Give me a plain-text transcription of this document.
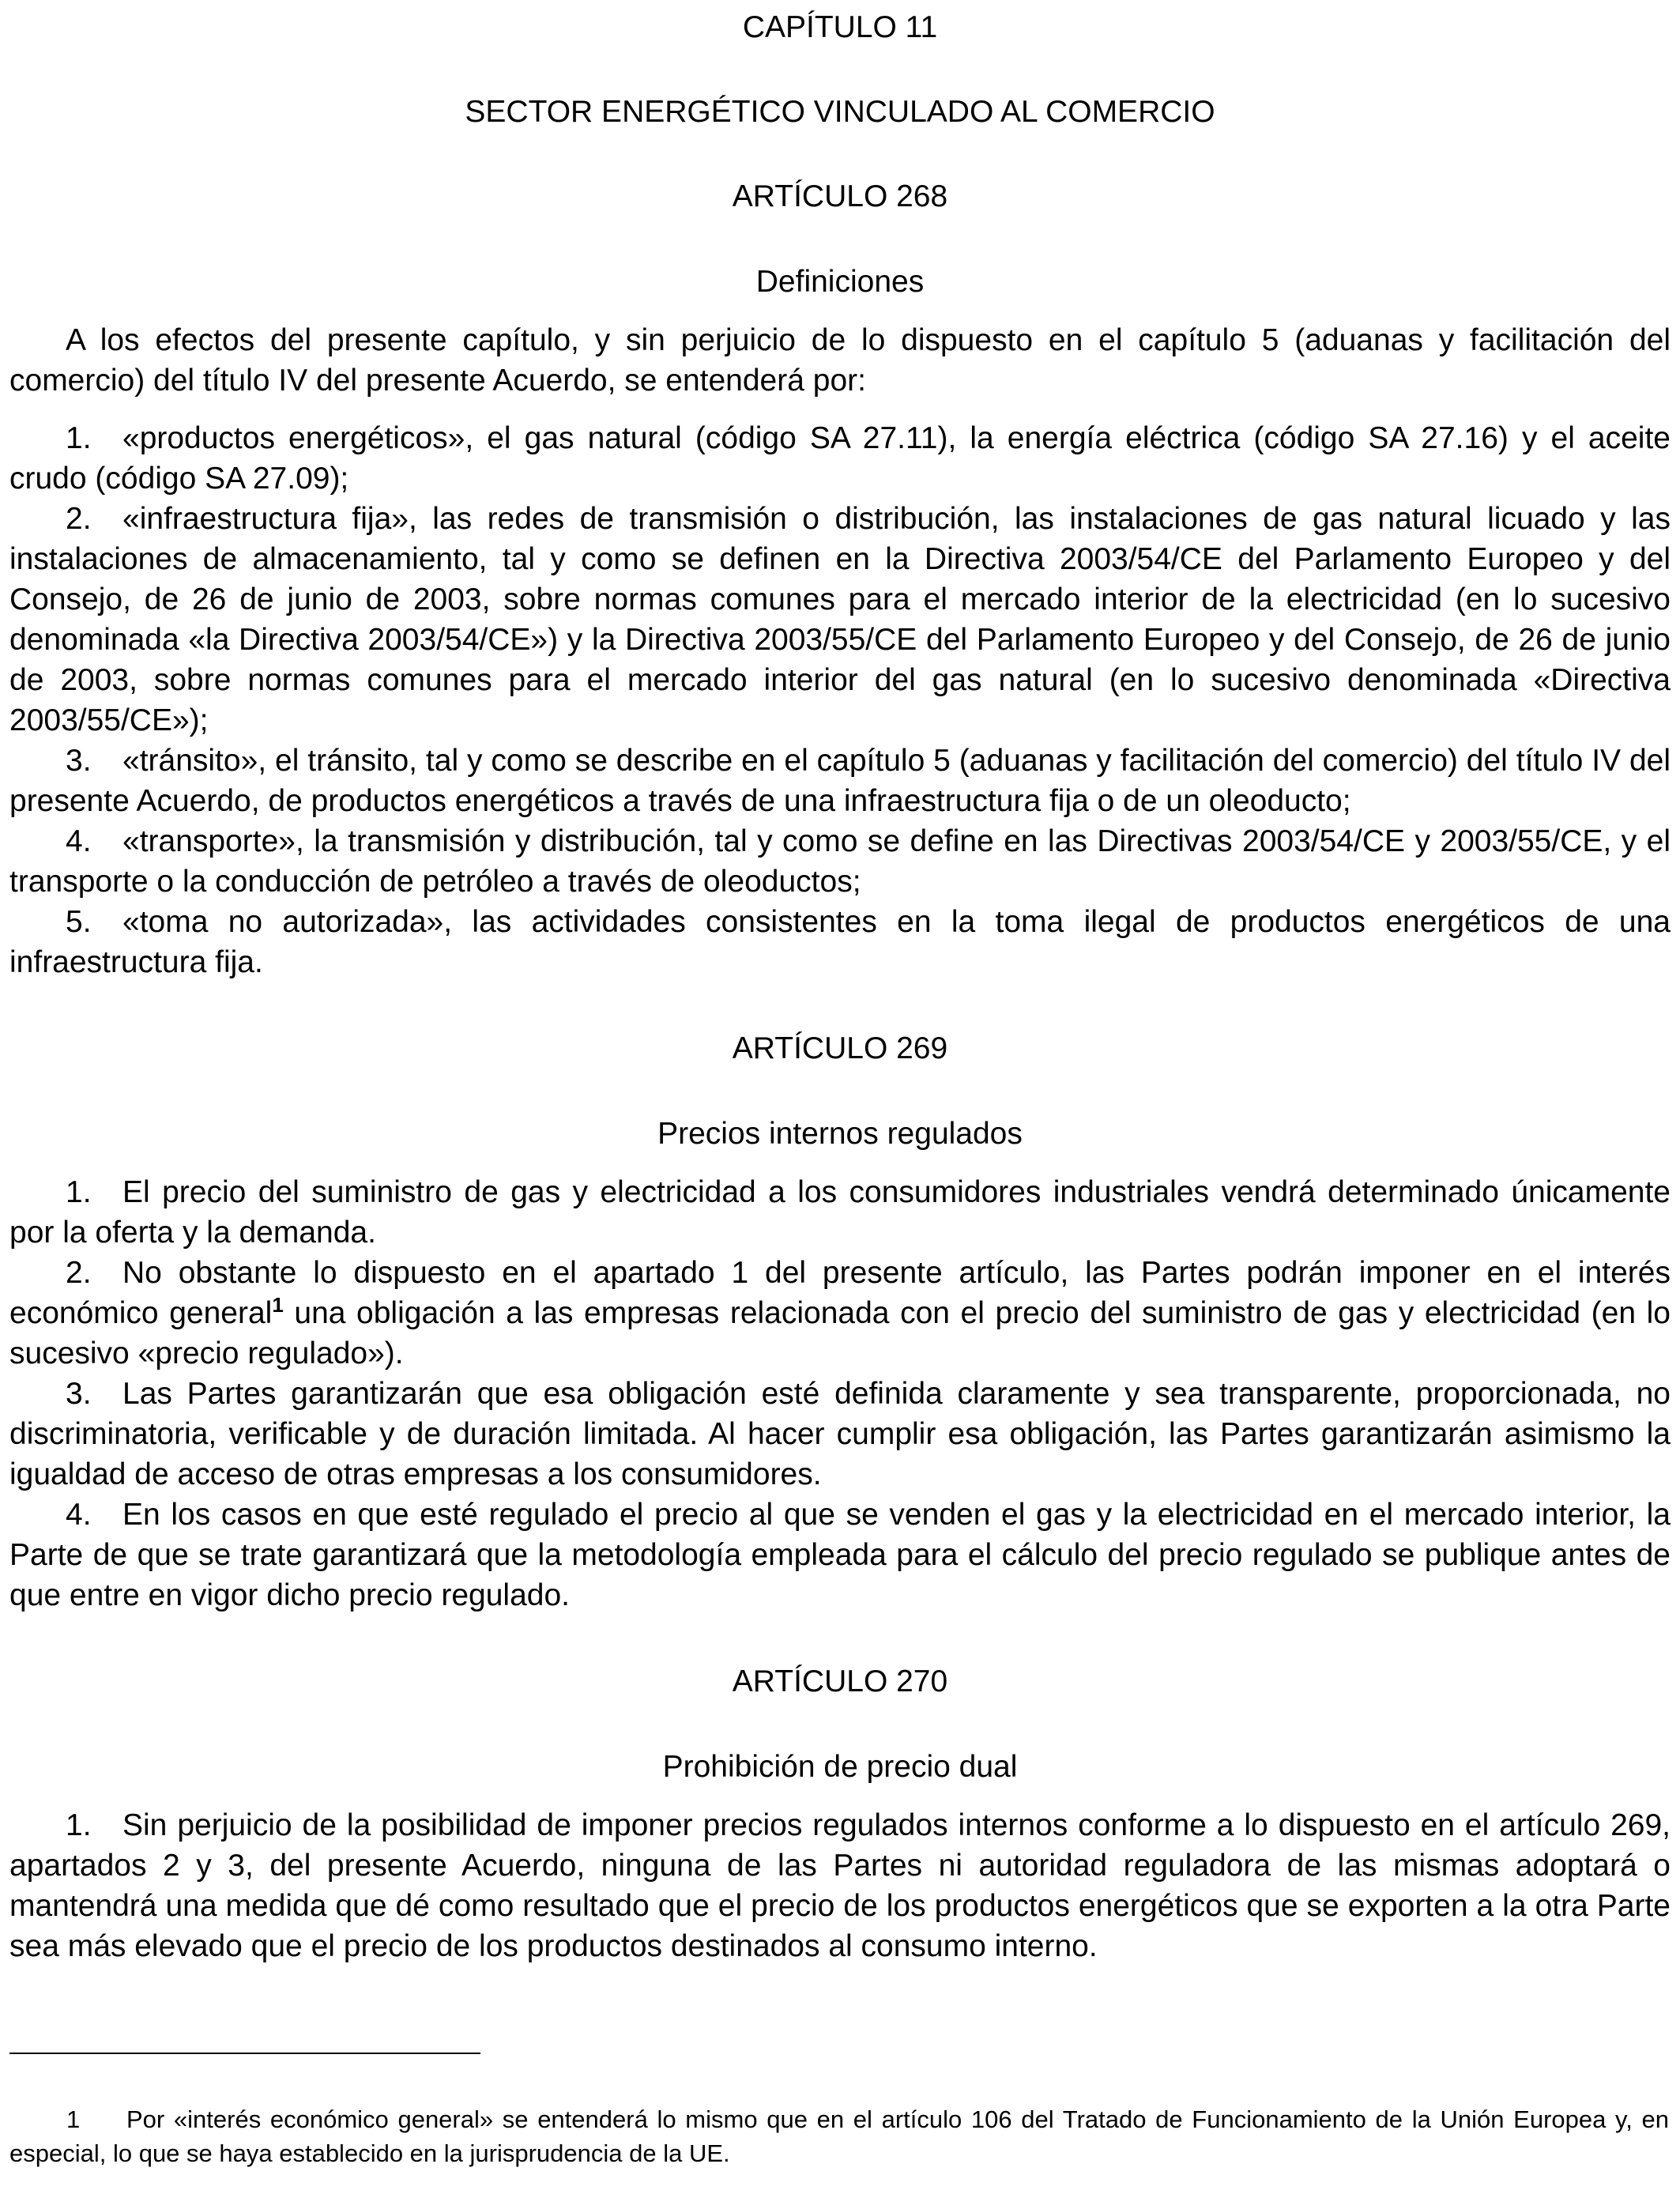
CAPÍTULO 11

SECTOR ENERGÉTICO VINCULADO AL COMERCIO

ARTÍCULO 268

Definiciones

A los efectos del presente capítulo, y sin perjuicio de lo dispuesto en el capítulo 5 (aduanas y facilitación del comercio) del título IV del presente Acuerdo, se entenderá por:

1. «productos energéticos», el gas natural (código SA 27.11), la energía eléctrica (código SA 27.16) y el aceite crudo (código SA 27.09);

2. «infraestructura fija», las redes de transmisión o distribución, las instalaciones de gas natural licuado y las instalaciones de almacenamiento, tal y como se definen en la Directiva 2003/54/CE del Parlamento Europeo y del Consejo, de 26 de junio de 2003, sobre normas comunes para el mercado interior de la electricidad (en lo sucesivo denominada «la Directiva 2003/54/CE») y la Directiva 2003/55/CE del Parlamento Europeo y del Consejo, de 26 de junio de 2003, sobre normas comunes para el mercado interior del gas natural (en lo sucesivo denominada «Directiva 2003/55/CE»);

3. «tránsito», el tránsito, tal y como se describe en el capítulo 5 (aduanas y facilitación del comercio) del título IV del presente Acuerdo, de productos energéticos a través de una infraestructura fija o de un oleoducto;

4. «transporte», la transmisión y distribución, tal y como se define en las Directivas 2003/54/CE y 2003/55/CE, y el transporte o la conducción de petróleo a través de oleoductos;

5. «toma no autorizada», las actividades consistentes en la toma ilegal de productos energéticos de una infraestructura fija.

ARTÍCULO 269

Precios internos regulados

1. El precio del suministro de gas y electricidad a los consumidores industriales vendrá determinado únicamente por la oferta y la demanda.

2. No obstante lo dispuesto en el apartado 1 del presente artículo, las Partes podrán imponer en el interés económico general$^1$ una obligación a las empresas relacionada con el precio del suministro de gas y electricidad (en lo sucesivo «precio regulado»).

3. Las Partes garantizarán que esa obligación esté definida claramente y sea transparente, proporcionada, no discriminatoria, verificable y de duración limitada. Al hacer cumplir esa obligación, las Partes garantizarán asimismo la igualdad de acceso de otras empresas a los consumidores.

4. En los casos en que esté regulado el precio al que se venden el gas y la electricidad en el mercado interior, la Parte de que se trate garantizará que la metodología empleada para el cálculo del precio regulado se publique antes de que entre en vigor dicho precio regulado.

ARTÍCULO 270

Prohibición de precio dual

1. Sin perjuicio de la posibilidad de imponer precios regulados internos conforme a lo dispuesto en el artículo 269, apartados 2 y 3, del presente Acuerdo, ninguna de las Partes ni autoridad reguladora de las mismas adoptará o mantendrá una medida que dé como resultado que el precio de los productos energéticos que se exporten a la otra Parte sea más elevado que el precio de los productos destinados al consumo interno.

1 Por «interés económico general» se entenderá lo mismo que en el artículo 106 del Tratado de Funcionamiento de la Unión Europea y, en especial, lo que se haya establecido en la jurisprudencia de la UE.
